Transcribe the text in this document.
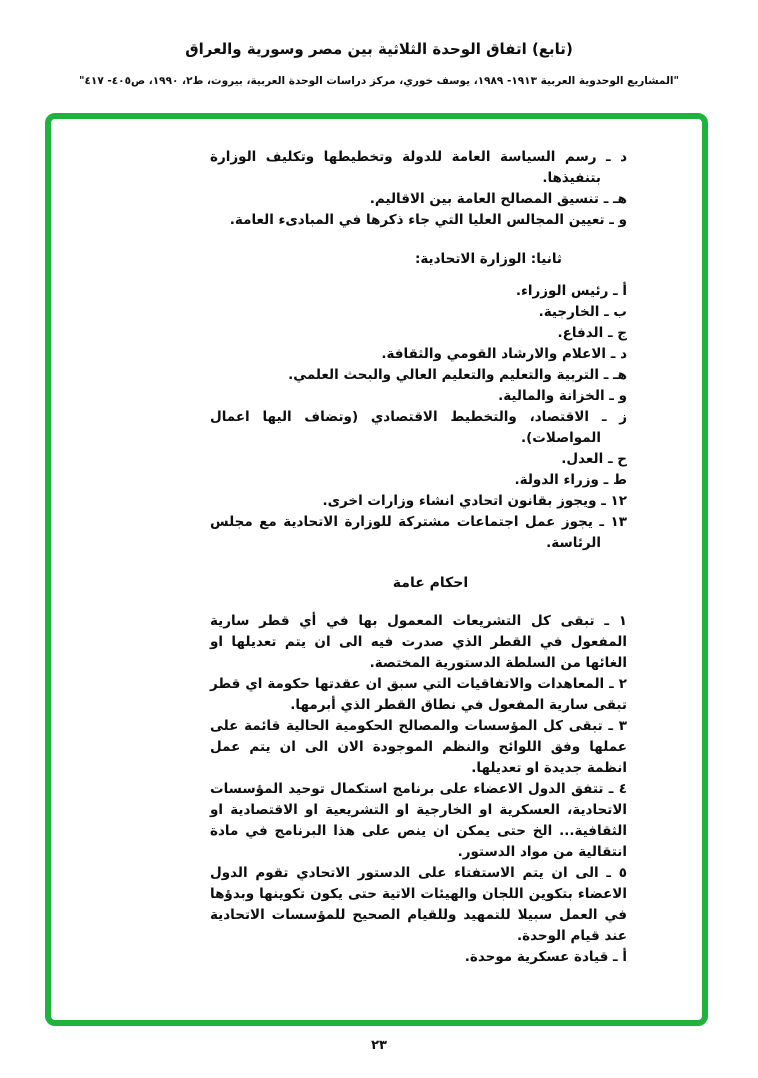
(تابع) اتفاق الوحدة الثلاثية بين مصر وسورية والعراق
"المشاريع الوحدوية العربية ١٩١٣- ١٩٨٩، يوسف خوري، مركز دراسات الوحدة العربية، بيروت، ط٢، ١٩٩٠، ص٤٠٥- ٤١٧"
د ـ رسم السياسة العامة للدولة وتخطيطها وتكليف الوزارة بتنفيذها.
هـ ـ تنسيق المصالح العامة بين الاقاليم.
و ـ تعيين المجالس العليا التي جاء ذكرها في المبادىء العامة.
ثانيا: الوزارة الاتحادية:
أ ـ رئيس الوزراء.
ب ـ الخارجية.
ج ـ الدفاع.
د ـ الاعلام والارشاد القومي والثقافة.
هـ ـ التربية والتعليم والتعليم العالي والبحث العلمي.
و ـ الخزانة والمالية.
ز ـ الاقتصاد، والتخطيط الاقتصادي (وتضاف اليها اعمال المواصلات).
ح ـ العدل.
ط ـ وزراء الدولة.
١٢ ـ ويجوز بقانون اتحادي انشاء وزارات اخرى.
١٣ ـ يجوز عمل اجتماعات مشتركة للوزارة الاتحادية مع مجلس الرئاسة.
احكام عامة
١ ـ تبقى كل التشريعات المعمول بها في أي قطر سارية المفعول في القطر الذي صدرت فيه الى ان يتم تعديلها او الغائها من السلطة الدستورية المختصة.
٢ ـ المعاهدات والاتفاقيات التي سبق ان عقدتها حكومة اي قطر تبقى سارية المفعول في نطاق القطر الذي أبرمها.
٣ ـ تبقى كل المؤسسات والمصالح الحكومية الحالية قائمة على عملها وفق اللوائح والنظم الموجودة الان الى ان يتم عمل انظمة جديدة او تعديلها.
٤ ـ تتفق الدول الاعضاء على برنامج استكمال توحيد المؤسسات الاتحادية، العسكرية او الخارجية او التشريعية او الاقتصادية او الثقافية... الخ حتى يمكن ان ينص على هذا البرنامج في مادة انتقالية من مواد الدستور.
٥ ـ الى ان يتم الاستفتاء على الدستور الاتحادي تقوم الدول الاعضاء بتكوين اللجان والهيئات الاتية حتى يكون تكوينها وبدؤها في العمل سبيلا للتمهيد وللقيام الصحيح للمؤسسات الاتحادية عند قيام الوحدة.
أ ـ قيادة عسكرية موحدة.
٢٣
